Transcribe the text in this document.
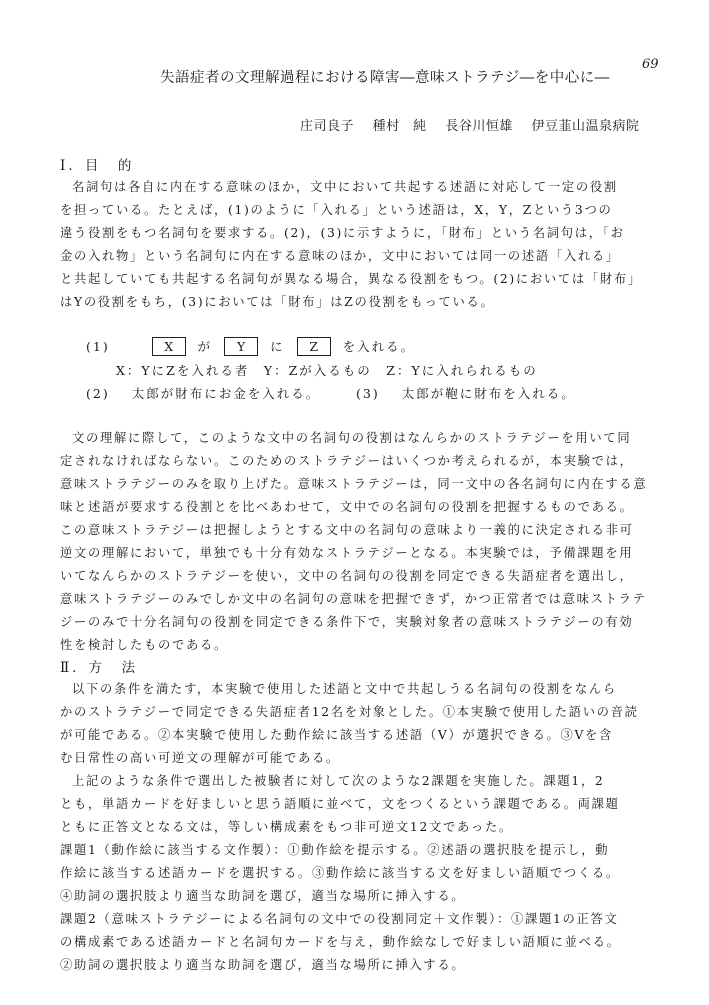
69
失語症者の文理解過程における障害―意味ストラテジ―を中心に―
庄司良子 種村　純 長谷川恒雄 伊豆韮山温泉病院
Ⅰ．目　的
名詞句は各自に内在する意味のほか，文中において共起する述語に対応して一定の役割
を担っている。たとえば，(1)のように「入れる」という述語は，X，Y，Zという3つの
違う役割をもつ名詞句を要求する。(2)，(3)に示すように，「財布」という名詞句は，「お
金の入れ物」という名詞句に内在する意味のほか，文中においては同一の述語「入れる」
と共起していても共起する名詞句が異なる場合，異なる役割をもつ。(2)においては「財布」
はYの役割をもち，(3)においては「財布」はZの役割をもっている。
(1)	X が Y に Z を入れる。
X：YにZを入れる者　Y：Zが入るもの　Z：Yに入れられるもの
(2) 太郎が財布にお金を入れる。	(3) 太郎が鞄に財布を入れる。
文の理解に際して，このような文中の名詞句の役割はなんらかのストラテジーを用いて同
定されなければならない。このためのストラテジーはいくつか考えられるが，本実験では，
意味ストラテジーのみを取り上げた。意味ストラテジーは，同一文中の各名詞句に内在する意
味と述語が要求する役割とを比べあわせて，文中での名詞句の役割を把握するものである。
この意味ストラテジーは把握しようとする文中の名詞句の意味より一義的に決定される非可
逆文の理解において，単独でも十分有効なストラテジーとなる。本実験では，予備課題を用
いてなんらかのストラテジーを使い，文中の名詞句の役割を同定できる失語症者を選出し，
意味ストラテジーのみでしか文中の名詞句の意味を把握できず，かつ正常者では意味ストラテ
ジーのみで十分名詞句の役割を同定できる条件下で，実験対象者の意味ストラテジーの有効
性を検討したものである。
Ⅱ．方　法
以下の条件を満たす，本実験で使用した述語と文中で共起しうる名詞句の役割をなんら
かのストラテジーで同定できる失語症者12名を対象とした。①本実験で使用した語いの音読
が可能である。②本実験で使用した動作絵に該当する述語（V）が選択できる。③Vを含
む日常性の高い可逆文の理解が可能である。
上記のような条件で選出した被験者に対して次のような2課題を実施した。課題1，2
とも，単語カードを好ましいと思う語順に並べて，文をつくるという課題である。両課題
ともに正答文となる文は，等しい構成素をもつ非可逆文12文であった。
課題1（動作絵に該当する文作製）：①動作絵を提示する。②述語の選択肢を提示し，動
作絵に該当する述語カードを選択する。③動作絵に該当する文を好ましい語順でつくる。
④助詞の選択肢より適当な助詞を選び，適当な場所に挿入する。
課題2（意味ストラテジーによる名詞句の文中での役割同定＋文作製）：①課題1の正答文
の構成素である述語カードと名詞句カードを与え，動作絵なしで好ましい語順に並べる。
②助詞の選択肢より適当な助詞を選び，適当な場所に挿入する。
